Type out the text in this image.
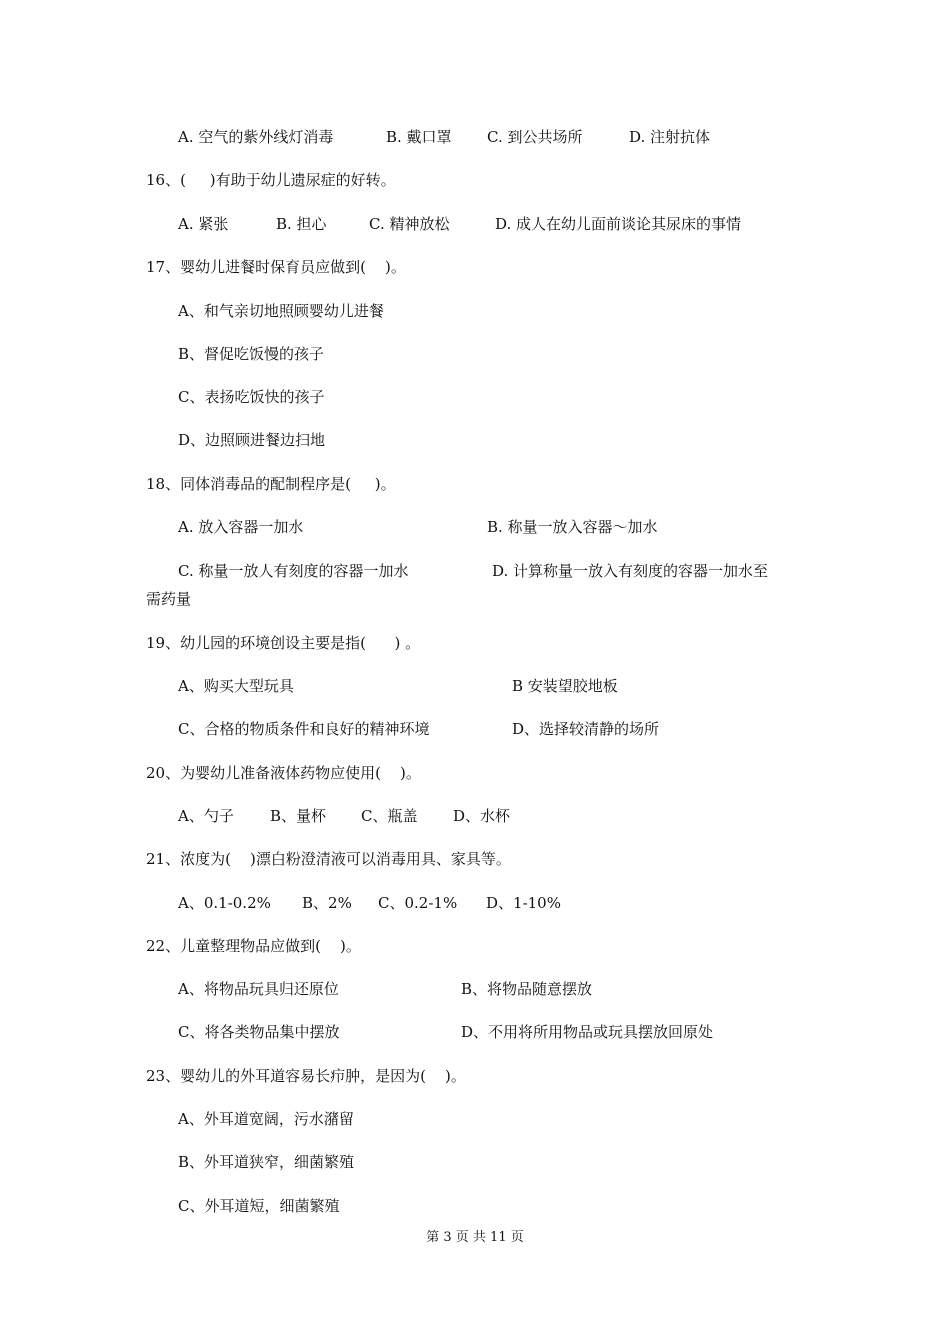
A. 空气的紫外线灯消毒	B. 戴口罩 C. 到公共场所	D. 注射抗体
16、(     )有助于幼儿遗尿症的好转。
A. 紧张	B. 担心	C. 精神放松	D. 成人在幼儿面前谈论其尿床的事情
17、婴幼儿进餐时保育员应做到(    )。
A、和气亲切地照顾婴幼儿进餐
B、督促吃饭慢的孩子
C、表扬吃饭快的孩子
D、边照顾进餐边扫地
18、同体消毒品的配制程序是(     )。
A. 放入容器一加水	B. 称量一放入容器～加水
C. 称量一放人有刻度的容器一加水	D. 计算称量一放入有刻度的容器一加水至
需药量
19、幼儿园的环境创设主要是指(      ) 。
A、购买大型玩具	B 安装望胶地板
C、合格的物质条件和良好的精神环境	D、选择较清静的场所
20、为婴幼儿准备液体药物应使用(    )。
A、勺子 B、量杯 C、瓶盖 D、水杯
21、浓度为(    )漂白粉澄清液可以消毒用具、家具等。
A、0.1-0.2% B、2% C、0.2-1% D、1-10%
22、儿童整理物品应做到(    )。
A、将物品玩具归还原位	B、将物品随意摆放
C、将各类物品集中摆放	D、不用将所用物品或玩具摆放回原处
23、婴幼儿的外耳道容易长疖肿，是因为(    )。
A、外耳道宽阔，污水潴留
B、外耳道狭窄，细菌繁殖
C、外耳道短，细菌繁殖
第 3 页 共 11 页
